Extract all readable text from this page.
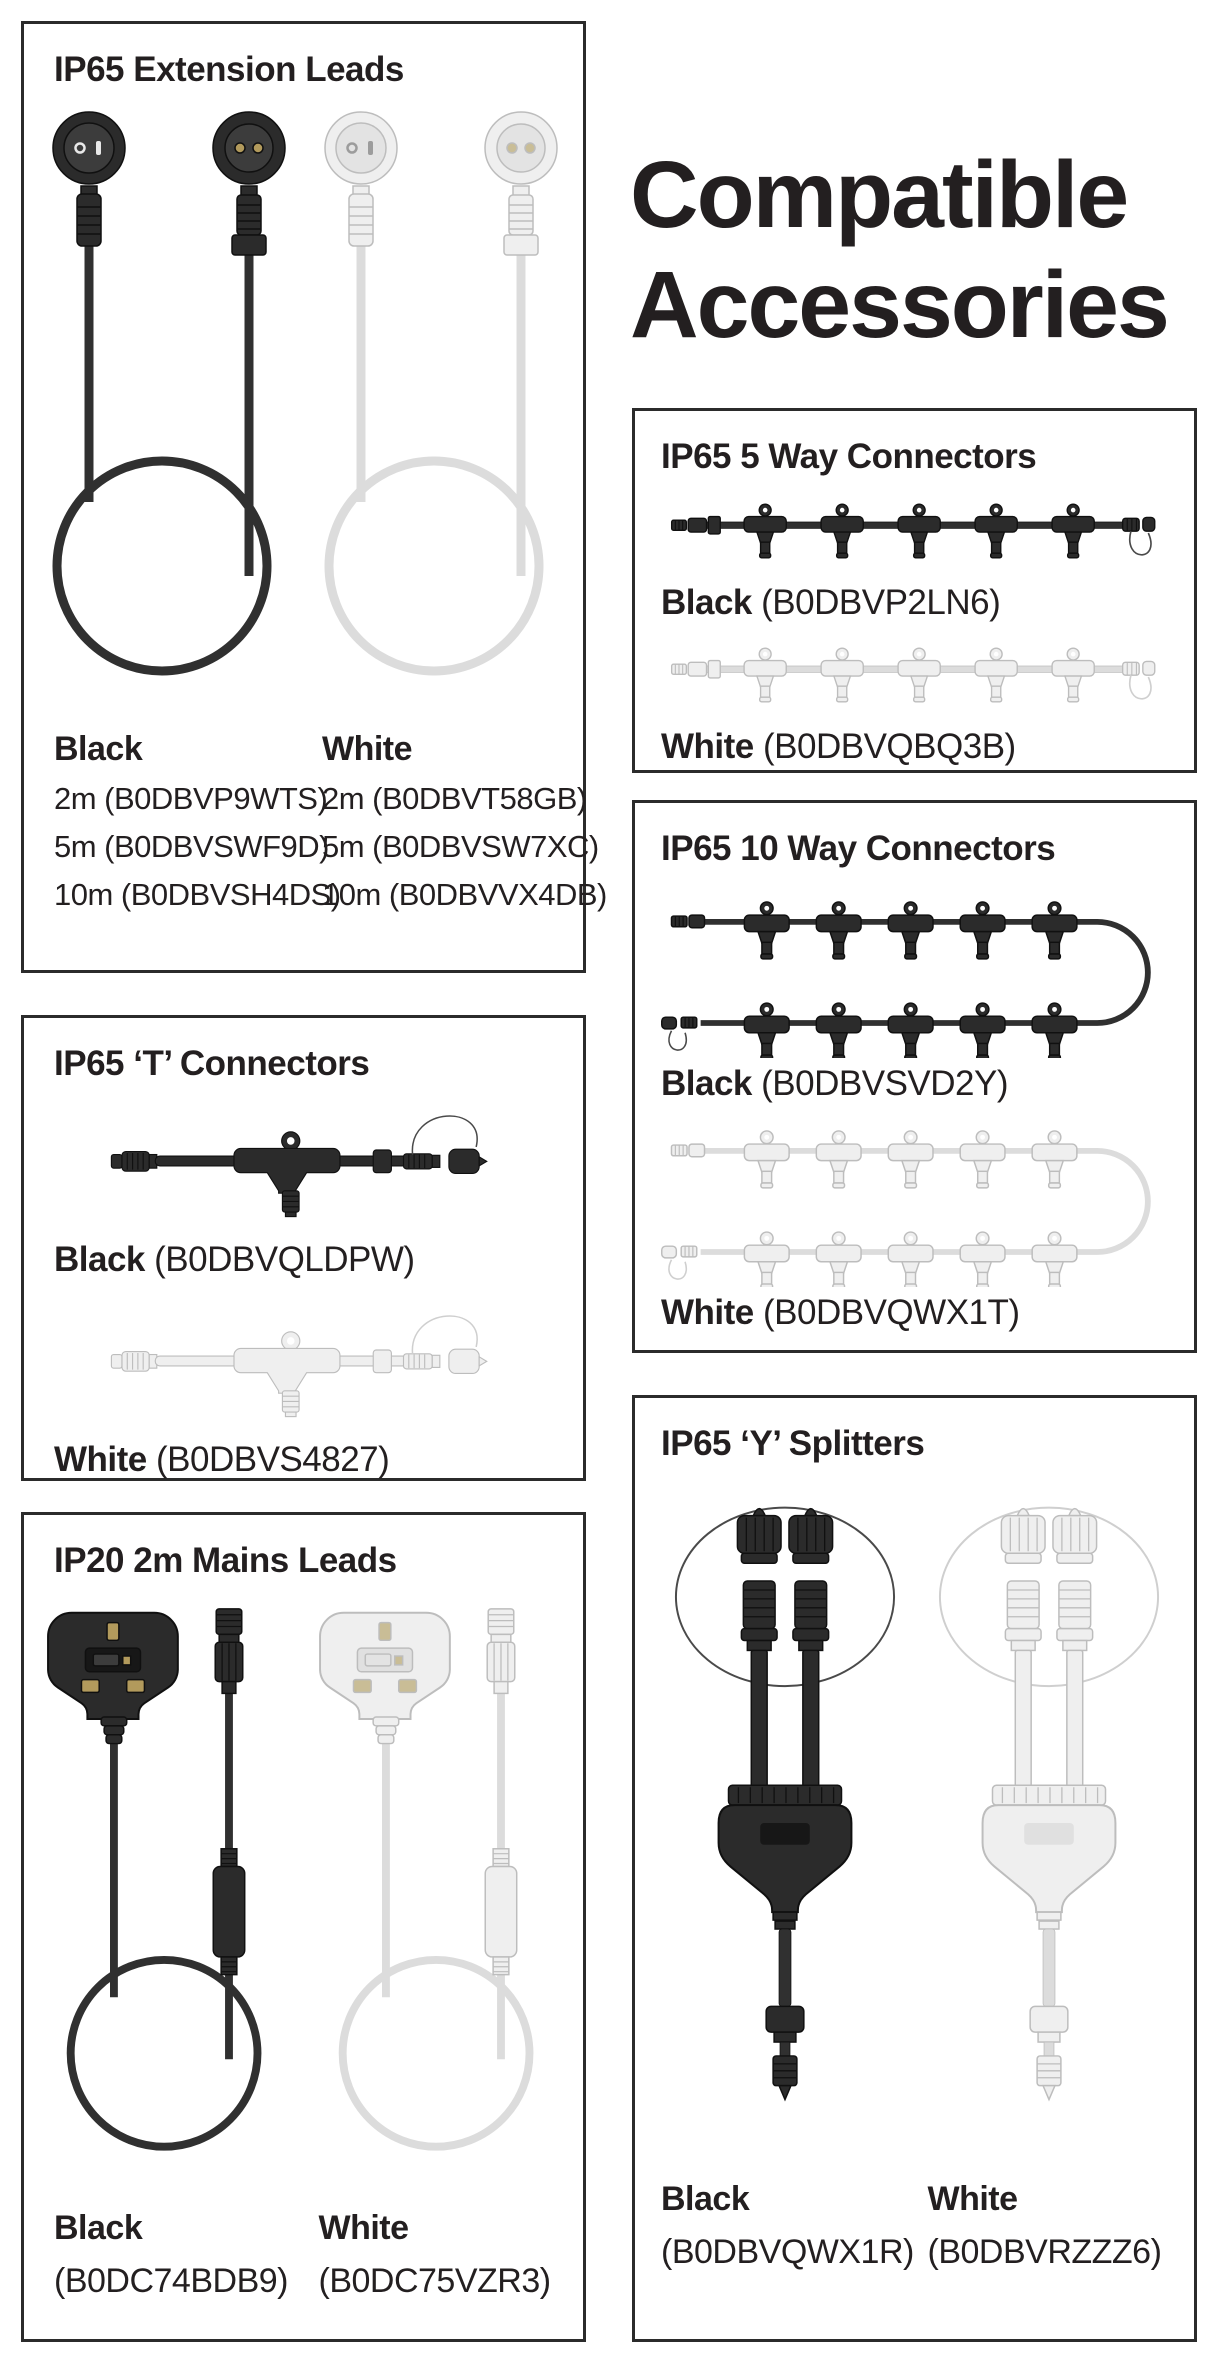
Compatible
Accessories
IP65 Extension Leads
Black

2m (B0DBVP9WTS)

5m (B0DBVSWF9D)

10m (B0DBVSH4DS)

White

2m (B0DBVT58GB)

5m (B0DBVSW7XC)

10m (B0DBVVX4DB)

IP65 ‘T’ Connectors

Black (B0DBVQLDPW)

White (B0DBVS4827)

IP20 2m Mains Leads
Black

(B0DC74BDB9)

White

(B0DC75VZR3)

IP65 5 Way Connectors

Black (B0DBVP2LN6)

White (B0DBVQBQ3B)

IP65 10 Way Connectors

Black (B0DBVSVD2Y)

White (B0DBVQWX1T)

IP65 ‘Y’ Splitters
Black

(B0DBVQWX1R)

White

(B0DBVRZZZ6)
